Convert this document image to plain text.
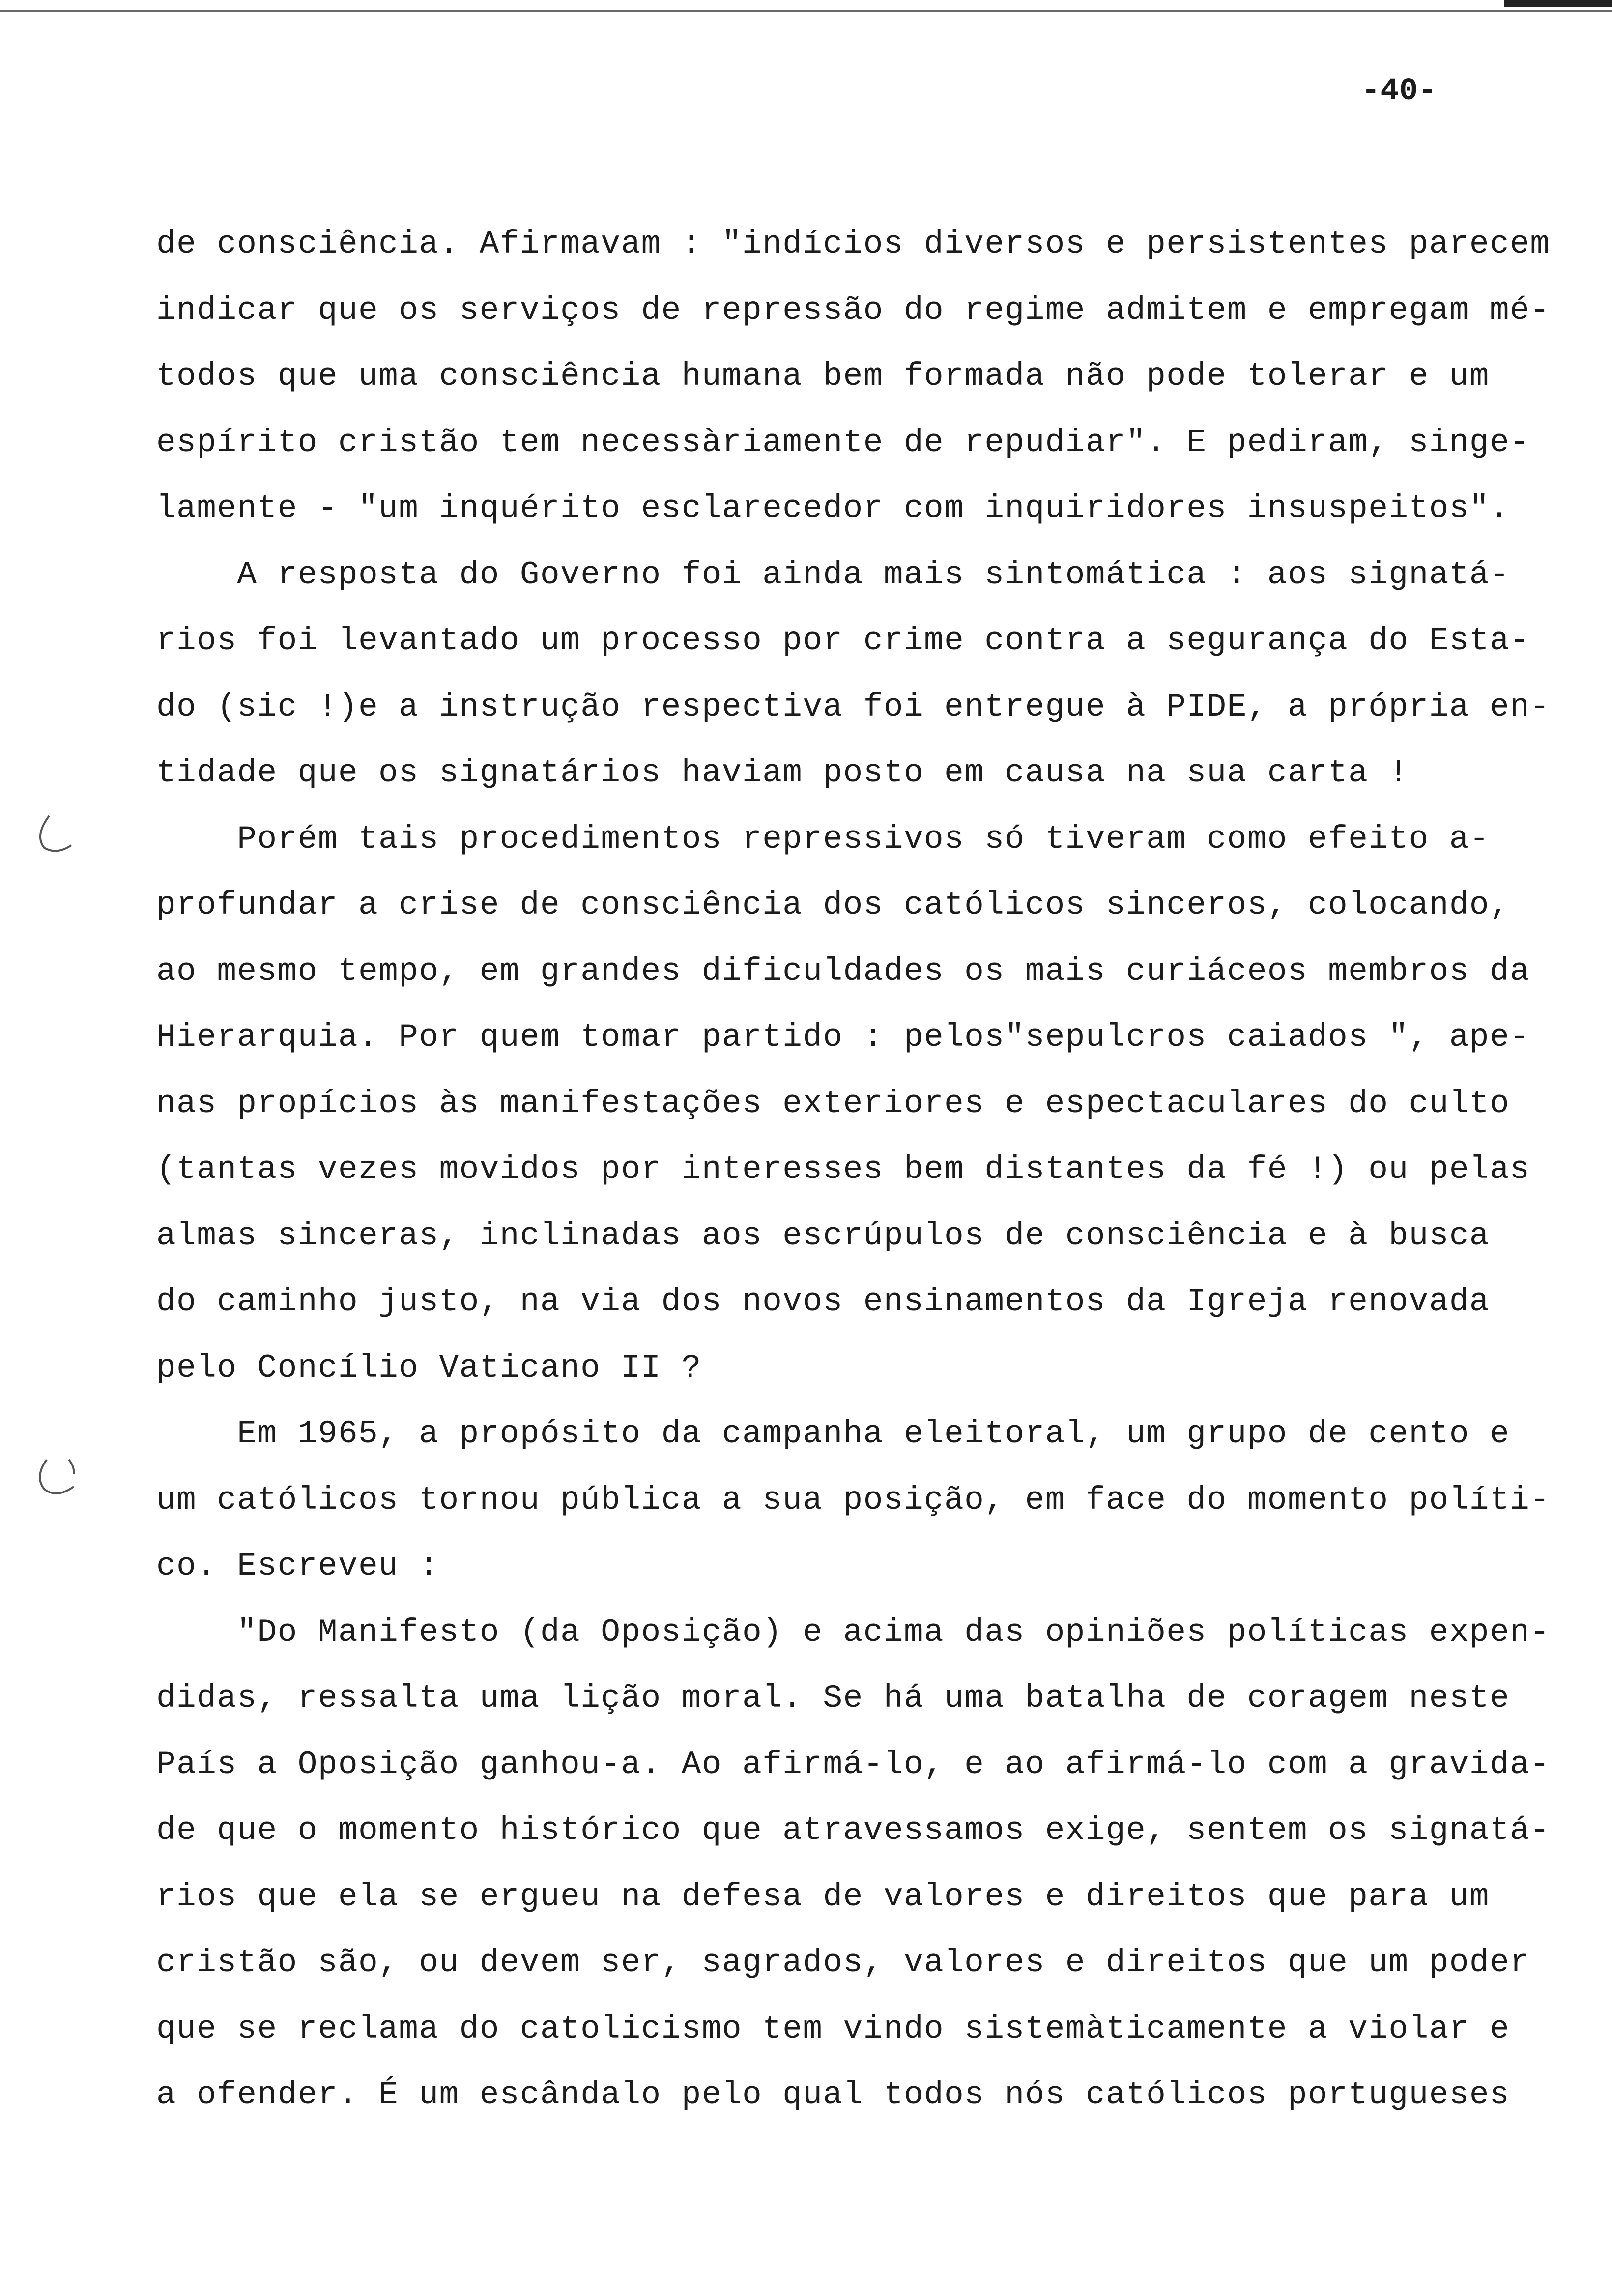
-40-
de consciência. Afirmavam : "indícios diversos e persistentes parecem
indicar que os serviços de repressão do regime admitem e empregam mé-
todos que uma consciência humana bem formada não pode tolerar e um
espírito cristão tem necessàriamente de repudiar". E pediram, singe-
lamente - "um inquérito esclarecedor com inquiridores insuspeitos".
A resposta do Governo foi ainda mais sintomática : aos signatá-
rios foi levantado um processo por crime contra a segurança do Esta-
do (sic !)e a instrução respectiva foi entregue à PIDE, a própria en-
tidade que os signatários haviam posto em causa na sua carta !
Porém tais procedimentos repressivos só tiveram como efeito a-
profundar a crise de consciência dos católicos sinceros, colocando,
ao mesmo tempo, em grandes dificuldades os mais curiáceos membros da
Hierarquia. Por quem tomar partido : pelos"sepulcros caiados ", ape-
nas propícios às manifestações exteriores e espectaculares do culto
(tantas vezes movidos por interesses bem distantes da fé !) ou pelas
almas sinceras, inclinadas aos escrúpulos de consciência e à busca
do caminho justo, na via dos novos ensinamentos da Igreja renovada
pelo Concílio Vaticano II ?
Em 1965, a propósito da campanha eleitoral, um grupo de cento e
um católicos tornou pública a sua posição, em face do momento políti-
co. Escreveu :
"Do Manifesto (da Oposição) e acima das opiniões políticas expen-
didas, ressalta uma lição moral. Se há uma batalha de coragem neste
País a Oposição ganhou-a. Ao afirmá-lo, e ao afirmá-lo com a gravida-
de que o momento histórico que atravessamos exige, sentem os signatá-
rios que ela se ergueu na defesa de valores e direitos que para um
cristão são, ou devem ser, sagrados, valores e direitos que um poder
que se reclama do catolicismo tem vindo sistemàticamente a violar e
a ofender. É um escândalo pelo qual todos nós católicos portugueses
